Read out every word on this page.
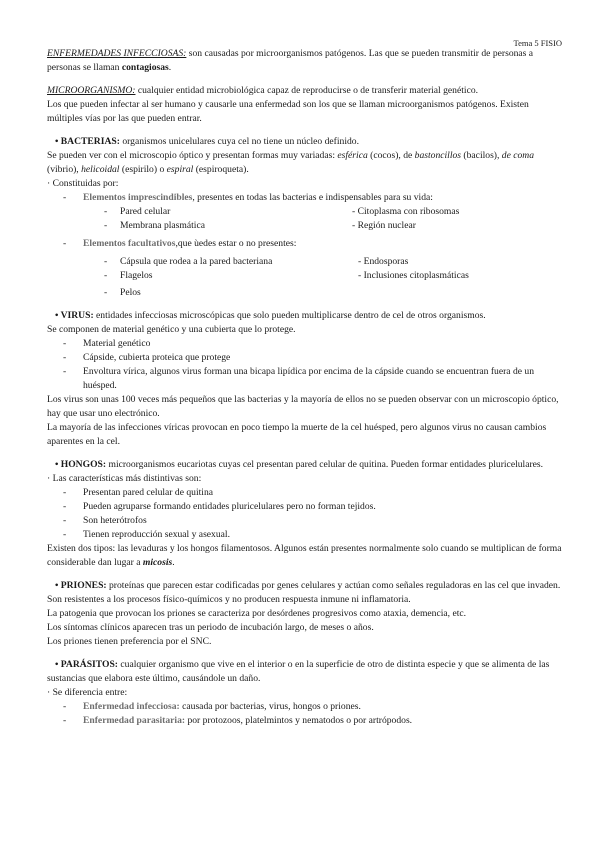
Tema 5 FISIO

ENFERMEDADES INFECCIOSAS: son causadas por microorganismos patógenos. Las que se pueden transmitir de personas a personas se llaman contagiosas.

MICROORGANISMO: cualquier entidad microbiológica capaz de reproducirse o de transferir material genético.

Los que pueden infectar al ser humano y causarle una enfermedad son los que se llaman microorganismos patógenos. Existen múltiples vías por las que pueden entrar.

• BACTERIAS: organismos unicelulares cuya cel no tiene un núcleo definido.

Se pueden ver con el microscopio óptico y presentan formas muy variadas: esférica (cocos), de bastoncillos (bacilos), de coma (vibrio), helicoidal (espirilo) o espiral (espiroqueta).

· Constituidas por:

- Elementos imprescindibles, presentes en todas las bacterias e indispensables para su vida:
- Pared celular	- Citoplasma con ribosomas
- Membrana plasmática	- Región nuclear
- Elementos facultativos,que ùedes estar o no presentes:
- Cápsula que rodea a la pared bacteriana	- Endosporas
- Flagelos	- Inclusiones citoplasmáticas
- Pelos

• VIRUS: entidades infecciosas microscópicas que solo pueden multiplicarse dentro de cel de otros organismos.

Se componen de material genético y una cubierta que lo protege.

- Material genético
- Cápside, cubierta proteica que protege
- Envoltura vírica, algunos virus forman una bicapa lipídica por encima de la cápside cuando se encuentran fuera de un huésped.

Los virus son unas 100 veces más pequeños que las bacterias y la mayoría de ellos no se pueden observar con un microscopio óptico, hay que usar uno electrónico.

La mayoría de las infecciones víricas provocan en poco tiempo la muerte de la cel huésped, pero algunos virus no causan cambios aparentes en la cel.

• HONGOS: microorganismos eucariotas cuyas cel presentan pared celular de quitina. Pueden formar entidades pluricelulares.

· Las características más distintivas son:

- Presentan pared celular de quitina
- Pueden agruparse formando entidades pluricelulares pero no forman tejidos.
- Son heterótrofos
- Tienen reproducción sexual y asexual.

Existen dos tipos: las levaduras y los hongos filamentosos. Algunos están presentes normalmente solo cuando se multiplican de forma considerable dan lugar a micosis.

• PRIONES: proteínas que parecen estar codificadas por genes celulares y actúan como señales reguladoras en las cel que invaden.

Son resistentes a los procesos físico-químicos y no producen respuesta inmune ni inflamatoria.

La patogenia que provocan los priones se caracteriza por desórdenes progresivos como ataxia, demencia, etc.

Los síntomas clínicos aparecen tras un periodo de incubación largo, de meses o años.

Los priones tienen preferencia por el SNC.

• PARÁSITOS: cualquier organismo que vive en el interior o en la superficie de otro de distinta especie y que se alimenta de las sustancias que elabora este último, causándole un daño.

· Se diferencia entre:

- Enfermedad infecciosa: causada por bacterias, virus, hongos o priones.
- Enfermedad parasitaria: por protozoos, platelmintos y nematodos o por artrópodos.
